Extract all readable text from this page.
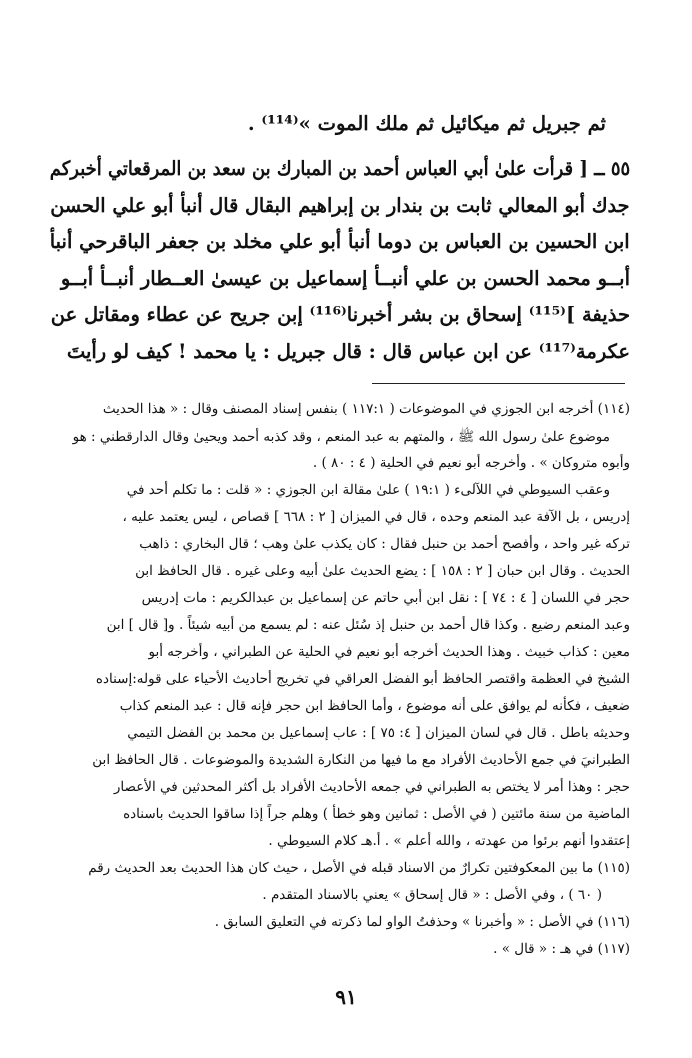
ثم جبريل ثم ميكائيل ثم ملك الموت »⁽¹¹⁴⁾ .
٥٥ ــ [ قرأت علىٰ أبي العباس أحمد بن المبارك بن سعد بن المرقعاتي أخبركم
جدك أبو المعالي ثابت بن بندار بن إبراهيم البقال قال أنبأ أبو علي الحسن
ابن الحسين بن العباس بن دوما أنبأ أبو علي مخلد بن جعفر الباقرحي أنبأ
أبــو محمد الحسن بن علي أنبــأ إسماعيل بن عيسىٰ العــطار أنبــأ أبــو
حذيفة ]⁽¹¹⁵⁾ إسحاق بن بشر أخبرنا⁽¹¹⁶⁾ إبن جريح عن عطاء ومقاتل عن
عكرمة⁽¹¹⁷⁾ عن ابن عباس قال : قال جبريل : يا محمد ! كيف لو رأيتَ
(١١٤) أخرجه ابن الجوزي في الموضوعات ( ١١٧:١ ) بنفس إسناد المصنف وقال : « هذا الحديث
موضوع علىٰ رسول الله ﷺ ، والمتهم به عبد المنعم ، وقد كذبه أحمد ويحيىٰ وقال الدارقطني : هو
وأبوه متروكان » . وأخرجه أبو نعيم في الحلية ( ٤ : ٨٠ ) .
وعقب السيوطي في اللآلىء ( ١٩:١ ) علىٰ مقالة ابن الجوزي : « قلت : ما تكلم أحد في
إدريس ، بل الآفة عبد المنعم وحده ، قال في الميزان [ ٢ : ٦٦٨ ] قصاص ، ليس يعتمد عليه ،
تركه غير واحد ، وأفصح أحمد بن حنبل فقال : كان يكذب علىٰ وهب ؛ قال البخاري : ذاهب
الحديث . وقال ابن حبان [ ٢ : ١٥٨ ] : يضع الحديث علىٰ أبيه وعلى غيره . قال الحافظ ابن
حجر في اللسان [ ٤ : ٧٤ ] : نقل ابن أبي حاتم عن إسماعيل بن عبدالكريم : مات إدريس
وعبد المنعم رضيع . وكذا قال أحمد بن حنبل إذ سُئل عنه : لم يسمع من أبيه شيئاً . و[ قال ] ابن
معين : كذاب خبيث . وهذا الحديث أخرجه أبو نعيم في الحلية عن الطبراني ، وأخرجه أبو
الشيخ في العظمة واقتصر الحافظ أبو الفضل العراقي في تخريج أحاديث الأحياء على قوله:إسناده
ضعيف ، فكأنه لم يوافق على أنه موضوع ، وأما الحافظ ابن حجر فإنه قال : عبد المنعم كذاب
وحديثه باطل . قال في لسان الميزان [ ٤: ٧٥ ] : عاب إسماعيل بن محمد بن الفضل التيمي
الطبرانيَ في جمع الأحاديث الأفراد مع ما فيها من النكارة الشديدة والموضوعات . قال الحافظ ابن
حجر : وهذا أمر لا يختص به الطبراني في جمعه الأحاديث الأفراد بل أكثر المحدثين في الأعصار
الماضية من سنة مائتين ( في الأصل : ثمانين وهو خطأ ) وهلم جراً إذا ساقوا الحديث باسناده
إعتقدوا أنهم برئوا من عهدته ، والله أعلم » . أ.هـ كلام السيوطي .
(١١٥) ما بين المعكوفتين تكرارٌ من الاسناد قبله في الأصل ، حيث كان هذا الحديث بعد الحديث رقم
( ٦٠ ) ، وفي الأصل : « قال إسحاق » يعني بالاسناد المتقدم .
(١١٦) في الأصل : « وأخبرنا » وحذفتُ الواو لما ذكرته في التعليق السابق .
(١١٧) في هـ : « قال » .
٩١
